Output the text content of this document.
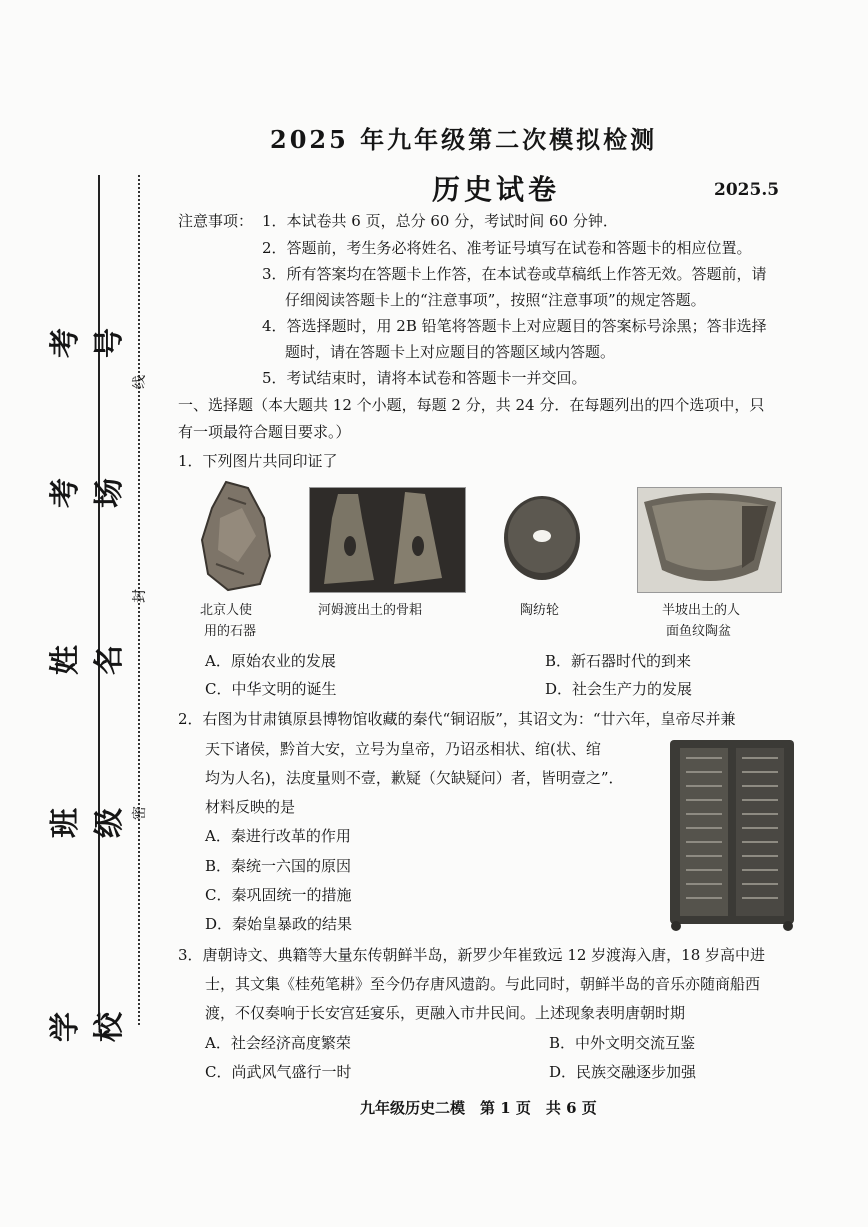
考号
考场
姓名
班级
学校
线
封
密
2025 年九年级第二次模拟检测
历史试卷	2025.5
注意事项： 1．本试卷共 6 页，总分 60 分，考试时间 60 分钟．
2．答题前，考生务必将姓名、准考证号填写在试卷和答题卡的相应位置。
3．所有答案均在答题卡上作答，在本试卷或草稿纸上作答无效。答题前，请
仔细阅读答题卡上的“注意事项”，按照“注意事项”的规定答题。
4．答选择题时，用 2B 铅笔将答题卡上对应题目的答案标号涂黑；答非选择
题时，请在答题卡上对应题目的答题区域内答题。
5．考试结束时，请将本试卷和答题卡一并交回。
一、选择题（本大题共 12 个小题，每题 2 分，共 24 分．在每题列出的四个选项中，只
有一项最符合题目要求。）
1．下列图片共同印证了
北京人使
用的石器
河姆渡出土的骨耜	陶纺轮	半坡出土的人
面鱼纹陶盆
A．原始农业的发展	B．新石器时代的到来
C．中华文明的诞生	D．社会生产力的发展
2．右图为甘肃镇原县博物馆收藏的秦代“铜诏版”，其诏文为：“廿六年，皇帝尽并兼
天下诸侯，黔首大安，立号为皇帝，乃诏丞相状、绾(状、绾
均为人名)，法度量则不壹，歉疑（欠缺疑问）者，皆明壹之”．
材料反映的是
A．秦进行改革的作用
B．秦统一六国的原因
C．秦巩固统一的措施
D．秦始皇暴政的结果
3．唐朝诗文、典籍等大量东传朝鲜半岛，新罗少年崔致远 12 岁渡海入唐，18 岁高中进
士，其文集《桂苑笔耕》至今仍存唐风遗韵。与此同时，朝鲜半岛的音乐亦随商船西
渡，不仅奏响于长安宫廷宴乐，更融入市井民间。上述现象表明唐朝时期
A．社会经济高度繁荣	B．中外文明交流互鉴
C．尚武风气盛行一时	D．民族交融逐步加强
九年级历史二模　第 1 页　共 6 页
